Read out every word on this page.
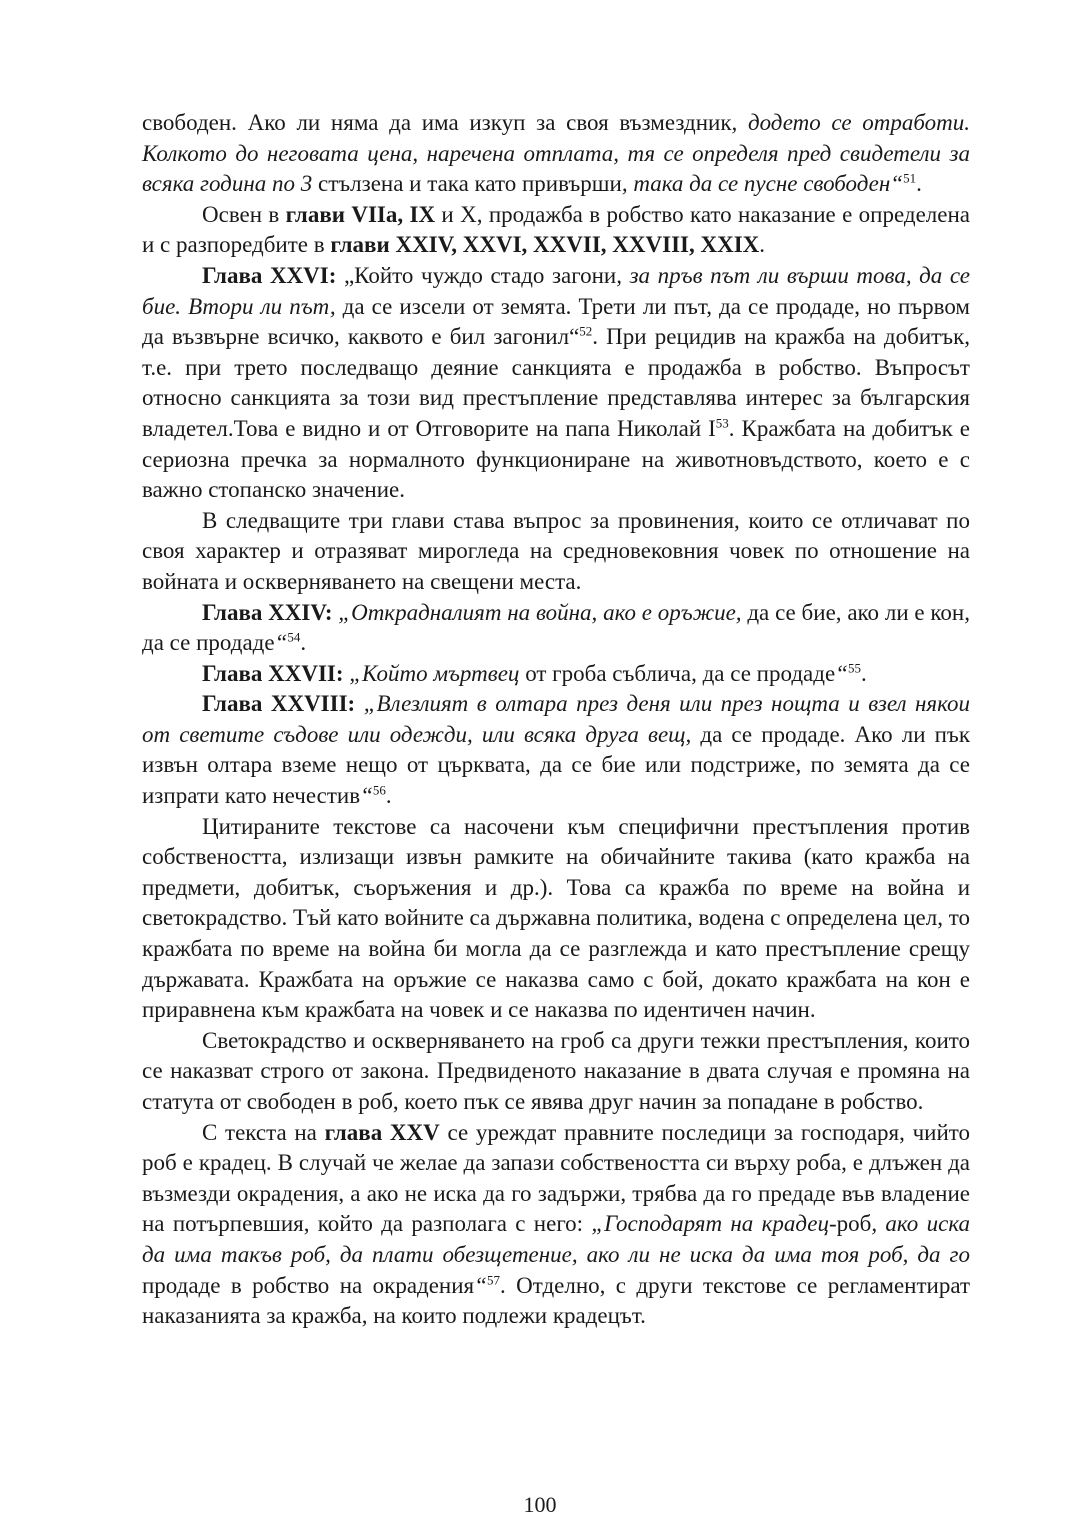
свободен. Ако ли няма да има изкуп за своя възмездник, додето се отработи. Колкото до неговата цена, наречена отплата, тя се определя пред свидетели за всяка година по 3 стълзена и така като привърши, така да се пусне свободен“$^{51}$.

Освен в глави VIIа, IX и X, продажба в робство като наказание е определена и с разпоредбите в глави XXIV, XXVI, XXVII, XXVIII, XXIX.

Глава XXVI: „Който чуждо стадо загони, за пръв път ли върши това, да се бие. Втори ли път, да се изсели от земята. Трети ли път, да се продаде, но първом да възвърне всичко, каквото е бил загонил“$^{52}$. При рецидив на кражба на добитък, т.е. при трето последващо деяние санкцията е продажба в робство. Въпросът относно санкцията за този вид престъпление представлява интерес за българския владетел.Това е видно и от Отговорите на папа Николай $I^{53}$. Кражбата на добитък е сериозна пречка за нормалното функциониране на животновъдството, което е с важно стопанско значение.

В следващите три глави става въпрос за провинения, които се отличават по своя характер и отразяват мирогледа на средновековния човек по отношение на войната и оскверняването на свещени места.

Глава XXIV: „Открадналият на война, ако е оръжие, да се бие, ако ли е кон, да се продаде“$^{54}$.

Глава XXVII: „Който мъртвец от гроба съблича, да се продаде“$^{55}$.

Глава XXVIII: „Влезлият в олтара през деня или през нощта и взел някои от светите съдове или одежди, или всяка друга вещ, да се продаде. Ако ли пък извън олтара вземе нещо от църквата, да се бие или подстриже, по земята да се изпрати като нечестив“$^{56}$.

Цитираните текстове са насочени към специфични престъпления против собствеността, излизащи извън рамките на обичайните такива (като кражба на предмети, добитък, съоръжения и др.). Това са кражба по време на война и светокрадство. Тъй като войните са държавна политика, водена с определена цел, то кражбата по време на война би могла да се разглежда и като престъпление срещу държавата. Кражбата на оръжие се наказва само с бой, докато кражбата на кон е приравнена към кражбата на човек и се наказва по идентичен начин.

Светокрадство и оскверняването на гроб са други тежки престъпления, които се наказват строго от закона. Предвиденото наказание в двата случая е промяна на статута от свободен в роб, което пък се явява друг начин за попадане в робство.

С текста на глава XXV се уреждат правните последици за господаря, чийто роб е крадец. В случай че желае да запази собствеността си върху роба, е длъжен да възмезди окрадения, а ако не иска да го задържи, трябва да го предаде във владение на потърпевшия, който да разполага с него: „Господарят на крадец-роб, ако иска да има такъв роб, да плати обезщетение, ако ли не иска да има тоя роб, да го продаде в робство на окрадения“$^{57}$. Отделно, с други текстове се регламентират наказанията за кражба, на които подлежи крадецът.

100
